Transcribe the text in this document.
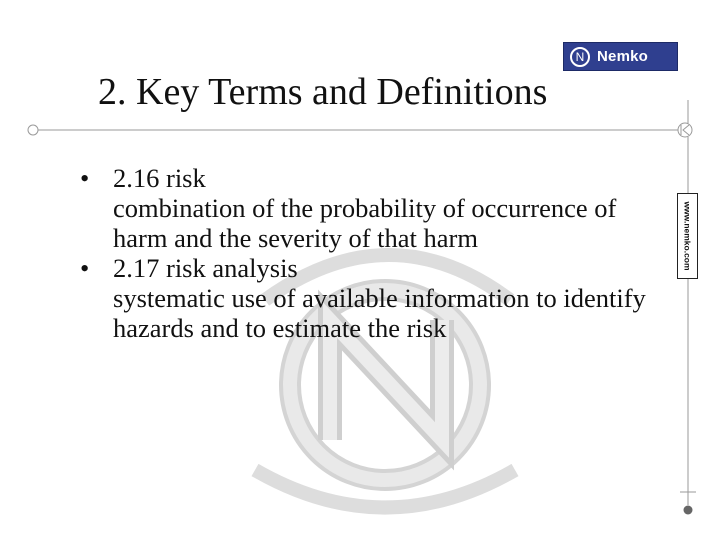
N Nemko
2. Key Terms and Definitions
www.nemko.com
• 2.16 risk
combination of the probability of occurrence of harm and the severity of that harm
• 2.17 risk analysis
systematic use of available information to identify hazards and to estimate the risk
